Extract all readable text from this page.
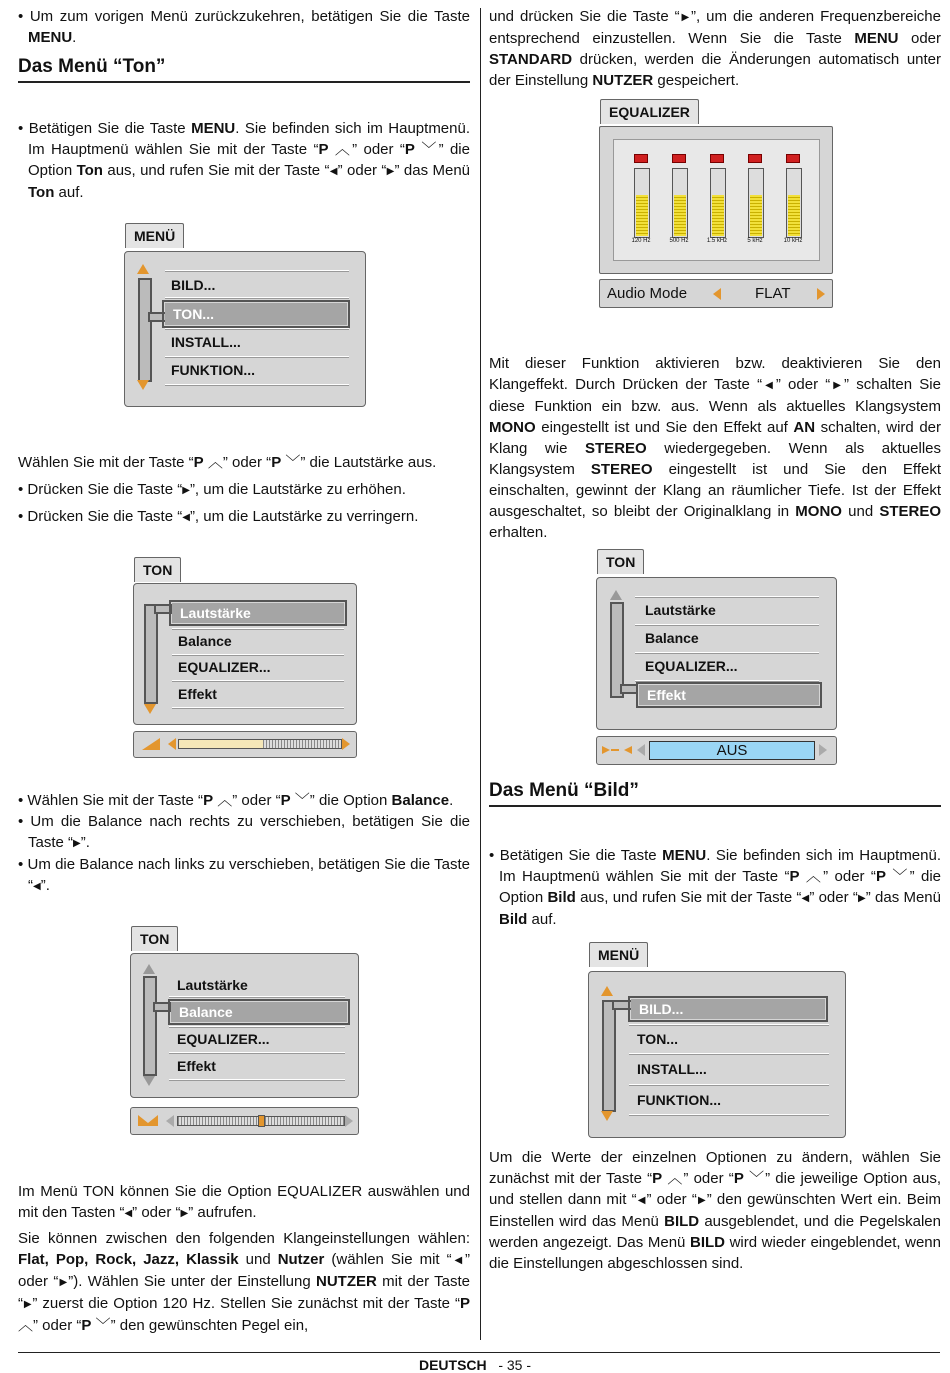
• Um zum vorigen Menü zurückzukehren, betätigen Sie die Taste MENU.

Das Menü “Ton”

• Betätigen Sie die Taste MENU. Sie befinden sich im Hauptmenü. Im Hauptmenü wählen Sie mit der Taste “P ︿” oder “P ﹀” die Option Ton aus, und rufen Sie mit der Taste “◀” oder “▶” das Menü Ton auf.

MENÜ
BILD...
TON...
INSTALL...
FUNKTION...

Wählen Sie mit der Taste “P ︿” oder “P ﹀” die Lautstärke aus.

• Drücken Sie die Taste “▶”, um die Lautstärke zu erhöhen.

• Drücken Sie die Taste “◀”, um die Lautstärke zu verringern.

TON
Lautstärke
Balance
EQUALIZER...
Effekt

• Wählen Sie mit der Taste “P ︿” oder “P ﹀” die Option Balance.

• Um die Balance nach rechts zu verschieben, betätigen Sie die Taste “▶”.

• Um die Balance nach links zu verschieben, betätigen Sie die Taste “◀”.

TON
Lautstärke
Balance
EQUALIZER...
Effekt

Im Menü TON können Sie die Option EQUALIZER auswählen und mit den Tasten “◀” oder “▶” aufrufen.

Sie können zwischen den folgenden Klangeinstellungen wählen: Flat, Pop, Rock, Jazz, Klassik und Nutzer (wählen Sie mit “◀” oder “▶”). Wählen Sie unter der Einstellung NUTZER mit der Taste “▶” zuerst die Option 120 Hz. Stellen Sie zunächst mit der Taste “P ︿” oder “P ﹀” den gewünschten Pegel ein,

und drücken Sie die Taste “▶”, um die anderen Frequenzbereiche entsprechend einzustellen. Wenn Sie die Taste MENU oder STANDARD drücken, werden die Änderungen automatisch unter der Einstellung NUTZER gespeichert.

EQUALIZER
120 Hz	500 Hz	1.5 kHz	5 kHz	10 kHz
Audio Mode	FLAT

Mit dieser Funktion aktivieren bzw. deaktivieren Sie den Klangeffekt. Durch Drücken der Taste “◀” oder “▶” schalten Sie diese Funktion ein bzw. aus. Wenn als aktuelles Klangsystem MONO eingestellt ist und Sie den Effekt auf AN schalten, wird der Klang wie STEREO wiedergegeben. Wenn als aktuelles Klangsystem STEREO eingestellt ist und Sie den Effekt einschalten, gewinnt der Klang an räumlicher Tiefe. Ist der Effekt ausgeschaltet, so bleibt der Originalklang in MONO und STEREO erhalten.

TON
Lautstärke
Balance
EQUALIZER...
Effekt
AUS
Das Menü “Bild”

• Betätigen Sie die Taste MENU. Sie befinden sich im Hauptmenü. Im Hauptmenü wählen Sie mit der Taste “P ︿” oder “P ﹀” die Option Bild aus, und rufen Sie mit der Taste “◀” oder “▶” das Menü Bild auf.

MENÜ
BILD...
TON...
INSTALL...
FUNKTION...

Um die Werte der einzelnen Optionen zu ändern, wählen Sie zunächst mit der Taste “P ︿” oder “P ﹀” die jeweilige Option aus, und stellen dann mit “◀” oder “▶” den gewünschten Wert ein. Beim Einstellen wird das Menü BILD ausgeblendet, und die Pegelskalen werden angezeigt. Das Menü BILD wird wieder eingeblendet, wenn die Einstellungen abgeschlossen sind.

DEUTSCH - 35 -
